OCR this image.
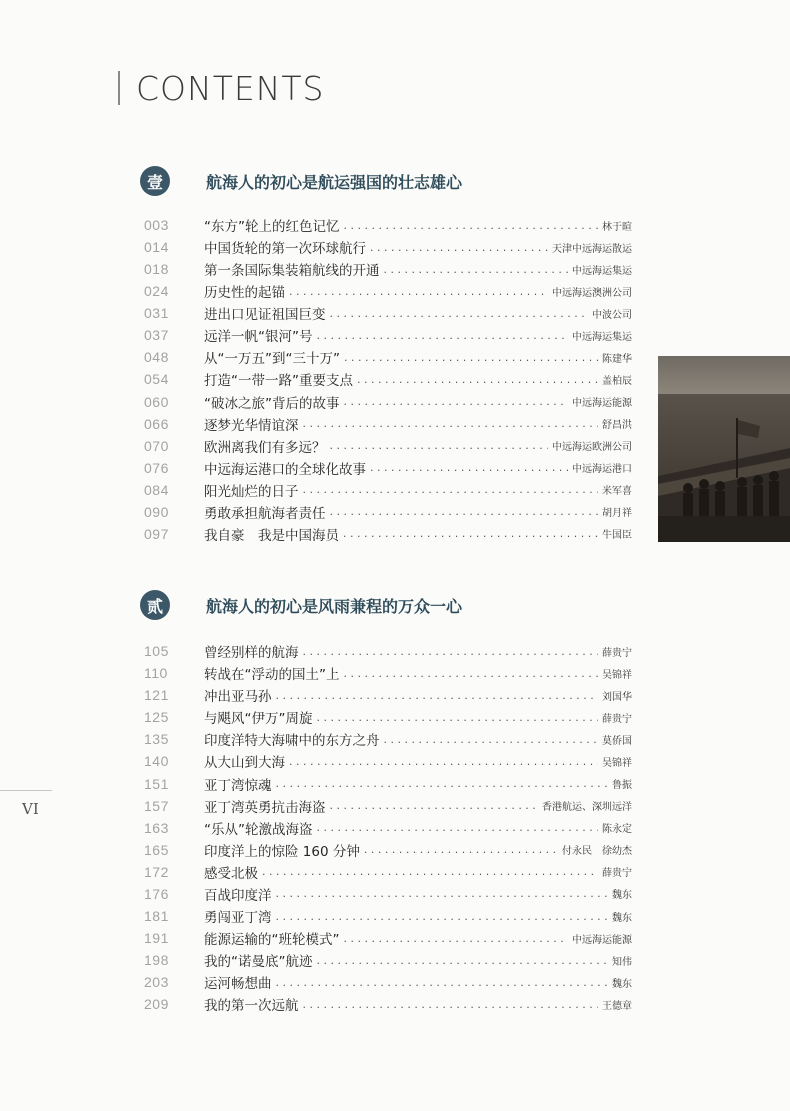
CONTENTS
壹	航海人的初心是航运强国的壮志雄心
003	“东方”轮上的红色记忆 . . .	林于暄
014	中国货轮的第一次环球航行 . . .	天津中远海运散运
018	第一条国际集装箱航线的开通 . . .	中远海运集运
024	历史性的起锚 . . .	中远海运澳洲公司
031	进出口见证祖国巨变 . . .	中波公司
037	远洋一帆“银河”号 . . .	中远海运集运
048	从“一万五”到“三十万” . . .	陈建华
054	打造“一带一路”重要支点 . . .	盖柏辰
060	“破冰之旅”背后的故事 . . .	中远海运能源
066	逐梦光华情谊深 . . .	舒昌洪
070	欧洲离我们有多远？ . . .	中远海运欧洲公司
076	中远海运港口的全球化故事 . . .	中远海运港口
084	阳光灿烂的日子 . . .	米军喜
090	勇敢承担航海者责任 . . .	胡月祥
097	我自豪　我是中国海员 . . .	牛国臣
贰	航海人的初心是风雨兼程的万众一心
105	曾经别样的航海 . . .	薛贵宁
110	转战在“浮动的国土”上 . . .	吴锦祥
121	冲出亚马孙 . . .	刘国华
125	与飓风“伊万”周旋 . . .	薛贵宁
135	印度洋特大海啸中的东方之舟 . . .	莫侨国
140	从大山到大海 . . .	吴锦祥
151	亚丁湾惊魂 . . .	鲁振
157	亚丁湾英勇抗击海盗 . . .	香港航运、深圳远洋
163	“乐从”轮激战海盗 . . .	陈永定
165	印度洋上的惊险 160 分钟 . . .	付永民　徐幼杰
172	感受北极 . . .	薛贵宁
176	百战印度洋 . . .	魏东
181	勇闯亚丁湾 . . .	魏东
191	能源运输的“班轮模式” . . .	中远海运能源
198	我的“诺曼底”航迹 . . .	知伟
203	运河畅想曲 . . .	魏东
209	我的第一次远航 . . .	王德章
VI
